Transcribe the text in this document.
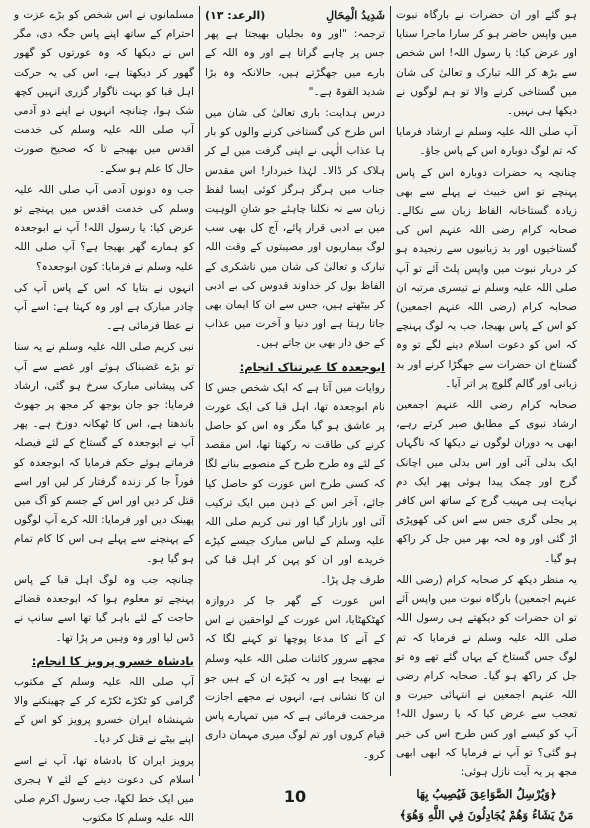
ہو گئے اور ان حضرات نے بارگاہ نبوت میں واپس حاضر ہو کر سارا ماجرا سنایا اور عرض کیا: یا رسول اللہ! اس شخص سے بڑھ کر اللہ تبارک و تعالیٰ کی شان میں گستاخی کرنے والا تو ہم لوگوں نے دیکھا ہی نہیں۔

آپ صلی اللہ علیہ وسلم نے ارشاد فرمایا کہ تم لوگ دوبارہ اس کے پاس جاؤ۔

چنانچہ یہ حضرات دوبارہ اس کے پاس پہنچے تو اس خبیث نے پہلے سے بھی زیادہ گستاخانہ الفاظ زبان سے نکالے۔ صحابہ کرام رضی اللہ عنہم اس کی گستاخیوں اور بد زبانیوں سے رنجیدہ ہو کر دربار نبوت میں واپس پلٹ آئے تو آپ صلی اللہ علیہ وسلم نے تیسری مرتبہ ان صحابہ کرام (رضی اللہ عنہم اجمعین) کو اس کے پاس بھیجا، جب یہ لوگ پہنچے کہ اس کو دعوت اسلام دینے لگے تو وہ گستاخ ان حضرات سے جھگڑا کرنے اور بد زبانی اور گالم گلوچ پر اتر آیا۔

صحابہ کرام رضی اللہ عنہم اجمعین ارشاد نبوی کے مطابق صبر کرتے رہے، ابھی یہ دوران لوگوں نے دیکھا کہ ناگہاں ایک بدلی آئی اور اس بدلی میں اچانک گرج اور چمک پیدا ہوئی پھر ایک دم نہایت ہی مہیب گرج کے ساتھ اس کافر پر بجلی گری جس سے اس کی کھوپڑی اڑ گئی اور وہ لحہ بھر میں جل کر راکھ ہو گیا۔

یہ منظر دیکھ کر صحابہ کرام (رضی اللہ عنہم اجمعین) بارگاہ نبوت میں واپس آئے تو ان حضرات کو دیکھتے ہی رسول اللہ صلی اللہ علیہ وسلم نے فرمایا کہ تم لوگ جس گستاخ کے یہاں گئے تھے وہ تو جل کر راکھ ہو گیا۔ صحابہ کرام رضی اللہ عنہم اجمعین نے انتہائی حیرت و تعجب سے عرض کیا کہ یا رسول اللہ! آپ کو کیسے اور کس طرح اس کی خبر ہو گئی؟ تو آپ نے فرمایا کہ ابھی ابھی مجھ پر یہ آیت نازل ہوئی:

﴿وَيُرْسِلُ الصَّوَاعِقَ فَيُصِيبُ بِهَا
مَنْ يَشَاءُ وَهُمْ يُجَادِلُونَ فِي اللَّهِ وَهُوَ﴾
شَدِيدُ الْمِحَالِ
(الرعد: ۱۳)

ترجمہ: "اور وہ بجلیاں بھیجتا ہے پھر جس پر چاہے گراتا ہے اور وہ اللہ کے بارے میں جھگڑتے ہیں، حالانکہ وہ بڑا شدید القوۃ ہے۔"

درس ہدایت: باری تعالیٰ کی شان میں اس طرح کی گستاخی کرنے والوں کو بار ہا عذاب الٰہی نے اپنی گرفت میں لے کر ہلاک کر ڈالا۔ لہٰذا خبردار! اس مقدس جناب میں ہرگز ہرگز کوئی ایسا لفظ زبان سے نہ نکلنا چاہئے جو شانِ الوہیت میں بے ادبی قرار پائے، آج کل بھی سب لوگ بیماریوں اور مصیبتوں کے وقت اللہ تبارک و تعالیٰ کی شان میں ناشکری کے الفاظ بول کر خداوند قدوس کی بے ادبی کر بیٹھتے ہیں، جس سے ان کا ایمان بھی جاتا رہتا ہے اور دنیا و آخرت میں عذاب کے حق دار بھی بن جاتے ہیں۔

ابوجعدہ کا عبرتناک انجام:

روایات میں آتا ہے کہ ایک شخص جس کا نام ابوجعدہ تھا، اہل قبا کی ایک عورت پر عاشق ہو گیا مگر وہ اس کو حاصل کرنے کی طاقت نہ رکھتا تھا، اس مقصد کے لئے وہ طرح طرح کے منصوبے بنانے لگا کہ کسی طرح اس عورت کو حاصل کیا جائے، آخر اس کے ذہن میں ایک ترکیب آئی اور بازار گیا اور نبی کریم صلی اللہ علیہ وسلم کے لباس مبارک جیسے کپڑے خریدے اور ان کو پہن کر اہل قبا کی طرف چل پڑا۔

اس عورت کے گھر جا کر دروازہ کھٹکھٹایا، اس عورت کے لواحقین نے اس کے آنے کا مدعا پوچھا تو کہنے لگا کہ مجھے سرور کائنات صلی اللہ علیہ وسلم نے بھیجا ہے اور یہ کپڑے ان کے ہیں جو ان کا نشانی ہے، انہوں نے مجھے اجازت مرحمت فرمائی ہے کہ میں تمہارے پاس قیام کروں اور تم لوگ میری مہمان داری کرو۔

مسلمانوں نے اس شخص کو بڑے عزت و احترام کے ساتھ اپنے پاس جگہ دی، مگر اس نے دیکھا کہ وہ عورتوں کو گھور گھور کر دیکھتا ہے، اس کی یہ حرکت اہل قبا کو بہت ناگوار گزری انہیں کچھ شک ہوا، چنانچہ انہوں نے اپنے دو آدمی آپ صلی اللہ علیہ وسلم کی خدمت اقدس میں بھیجے تا کہ صحیح صورت حال کا علم ہو سکے۔

جب وہ دونوں آدمی آپ صلی اللہ علیہ وسلم کی خدمت اقدس میں پہنچے تو عرض کیا: یا رسول اللہ! آپ نے ابوجعدہ کو ہمارے گھر بھیجا ہے؟ آپ صلی اللہ علیہ وسلم نے فرمایا: کون ابوجعدہ؟

انہوں نے بتایا کہ اس کے پاس آپ کی چادر مبارک ہے اور وہ کہتا ہے: اسے آپ نے عطا فرمائی ہے۔

نبی کریم صلی اللہ علیہ وسلم نے یہ سنا تو بڑے غضبناک ہوئے اور غصے سے آپ کی پیشانی مبارک سرخ ہو گئی، ارشاد فرمایا: جو جان بوجھ کر مجھ پر جھوٹ باندھتا ہے، اس کا ٹھکانہ دوزخ ہے۔ پھر آپ نے ابوجعدہ کے گستاخ کے لئے فیصلہ فرماتے ہوئے حکم فرمایا کہ ابوجعدہ کو فوراً جا کر زندہ گرفتار کر لیں اور اسے قتل کر دیں اور اس کے جسم کو آگ میں پھینک دیں اور فرمایا: اللہ کرے آپ لوگوں کے پہنچنے سے پہلے ہی اس کا کام تمام ہو گیا ہو۔

چنانچہ جب وہ لوگ اہل قبا کے پاس پہنچے تو معلوم ہوا کہ ابوجعدہ قضائے حاجت کے لئے باہر گیا تھا اسے سانپ نے ڈس لیا اور وہ وہیں مر پڑا تھا۔

بادشاہ خسرو پرویز کا انجام:

آپ صلی اللہ علیہ وسلم کے مکتوب گرامی کو ٹکڑے ٹکڑے کر کے چھینکنے والا شہنشاہ ایران خسرو پرویز کو اس کے اپنے بیٹے نے قتل کر دیا۔

پرویز ایران کا بادشاہ تھا، آپ نے اسے اسلام کی دعوت دینے کے لئے ۷ ہجری میں ایک خط لکھا، جب رسول اکرم صلی اللہ علیہ وسلم کا مکتوب

10
